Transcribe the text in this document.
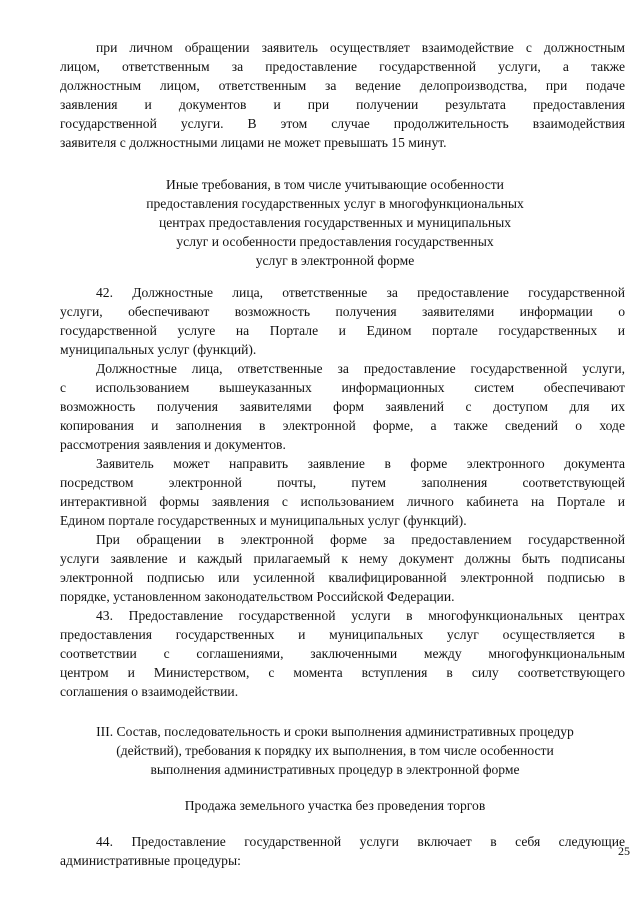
при личном обращении заявитель осуществляет взаимодействие с должностным

лицом, ответственным за предоставление государственной услуги, а также

должностным лицом, ответственным за ведение делопроизводства, при подаче

заявления и документов и при получении результата предоставления

государственной услуги. В этом случае продолжительность взаимодействия

заявителя с должностными лицами не может превышать 15 минут.

Иные требования, в том числе учитывающие особенности

предоставления государственных услуг в многофункциональных

центрах предоставления государственных и муниципальных

услуг и особенности предоставления государственных

услуг в электронной форме

42. Должностные лица, ответственные за предоставление государственной

услуги, обеспечивают возможность получения заявителями информации о

государственной услуге на Портале и Едином портале государственных и

муниципальных услуг (функций).

Должностные лица, ответственные за предоставление государственной услуги,

с использованием вышеуказанных информационных систем обеспечивают

возможность получения заявителями форм заявлений с доступом для их

копирования и заполнения в электронной форме, а также сведений о ходе

рассмотрения заявления и документов.

Заявитель может направить заявление в форме электронного документа

посредством электронной почты, путем заполнения соответствующей

интерактивной формы заявления с использованием личного кабинета на Портале и

Едином портале государственных и муниципальных услуг (функций).

При обращении в электронной форме за предоставлением государственной

услуги заявление и каждый прилагаемый к нему документ должны быть подписаны

электронной подписью или усиленной квалифицированной электронной подписью в

порядке, установленном законодательством Российской Федерации.

43. Предоставление государственной услуги в многофункциональных центрах

предоставления государственных и муниципальных услуг осуществляется в

соответствии с соглашениями, заключенными между многофункциональным

центром и Министерством, с момента вступления в силу соответствующего

соглашения о взаимодействии.

III. Состав, последовательность и сроки выполнения административных процедур

(действий), требования к порядку их выполнения, в том числе особенности

выполнения административных процедур в электронной форме

Продажа земельного участка без проведения торгов

44. Предоставление государственной услуги включает в себя следующие

административные процедуры:

25
